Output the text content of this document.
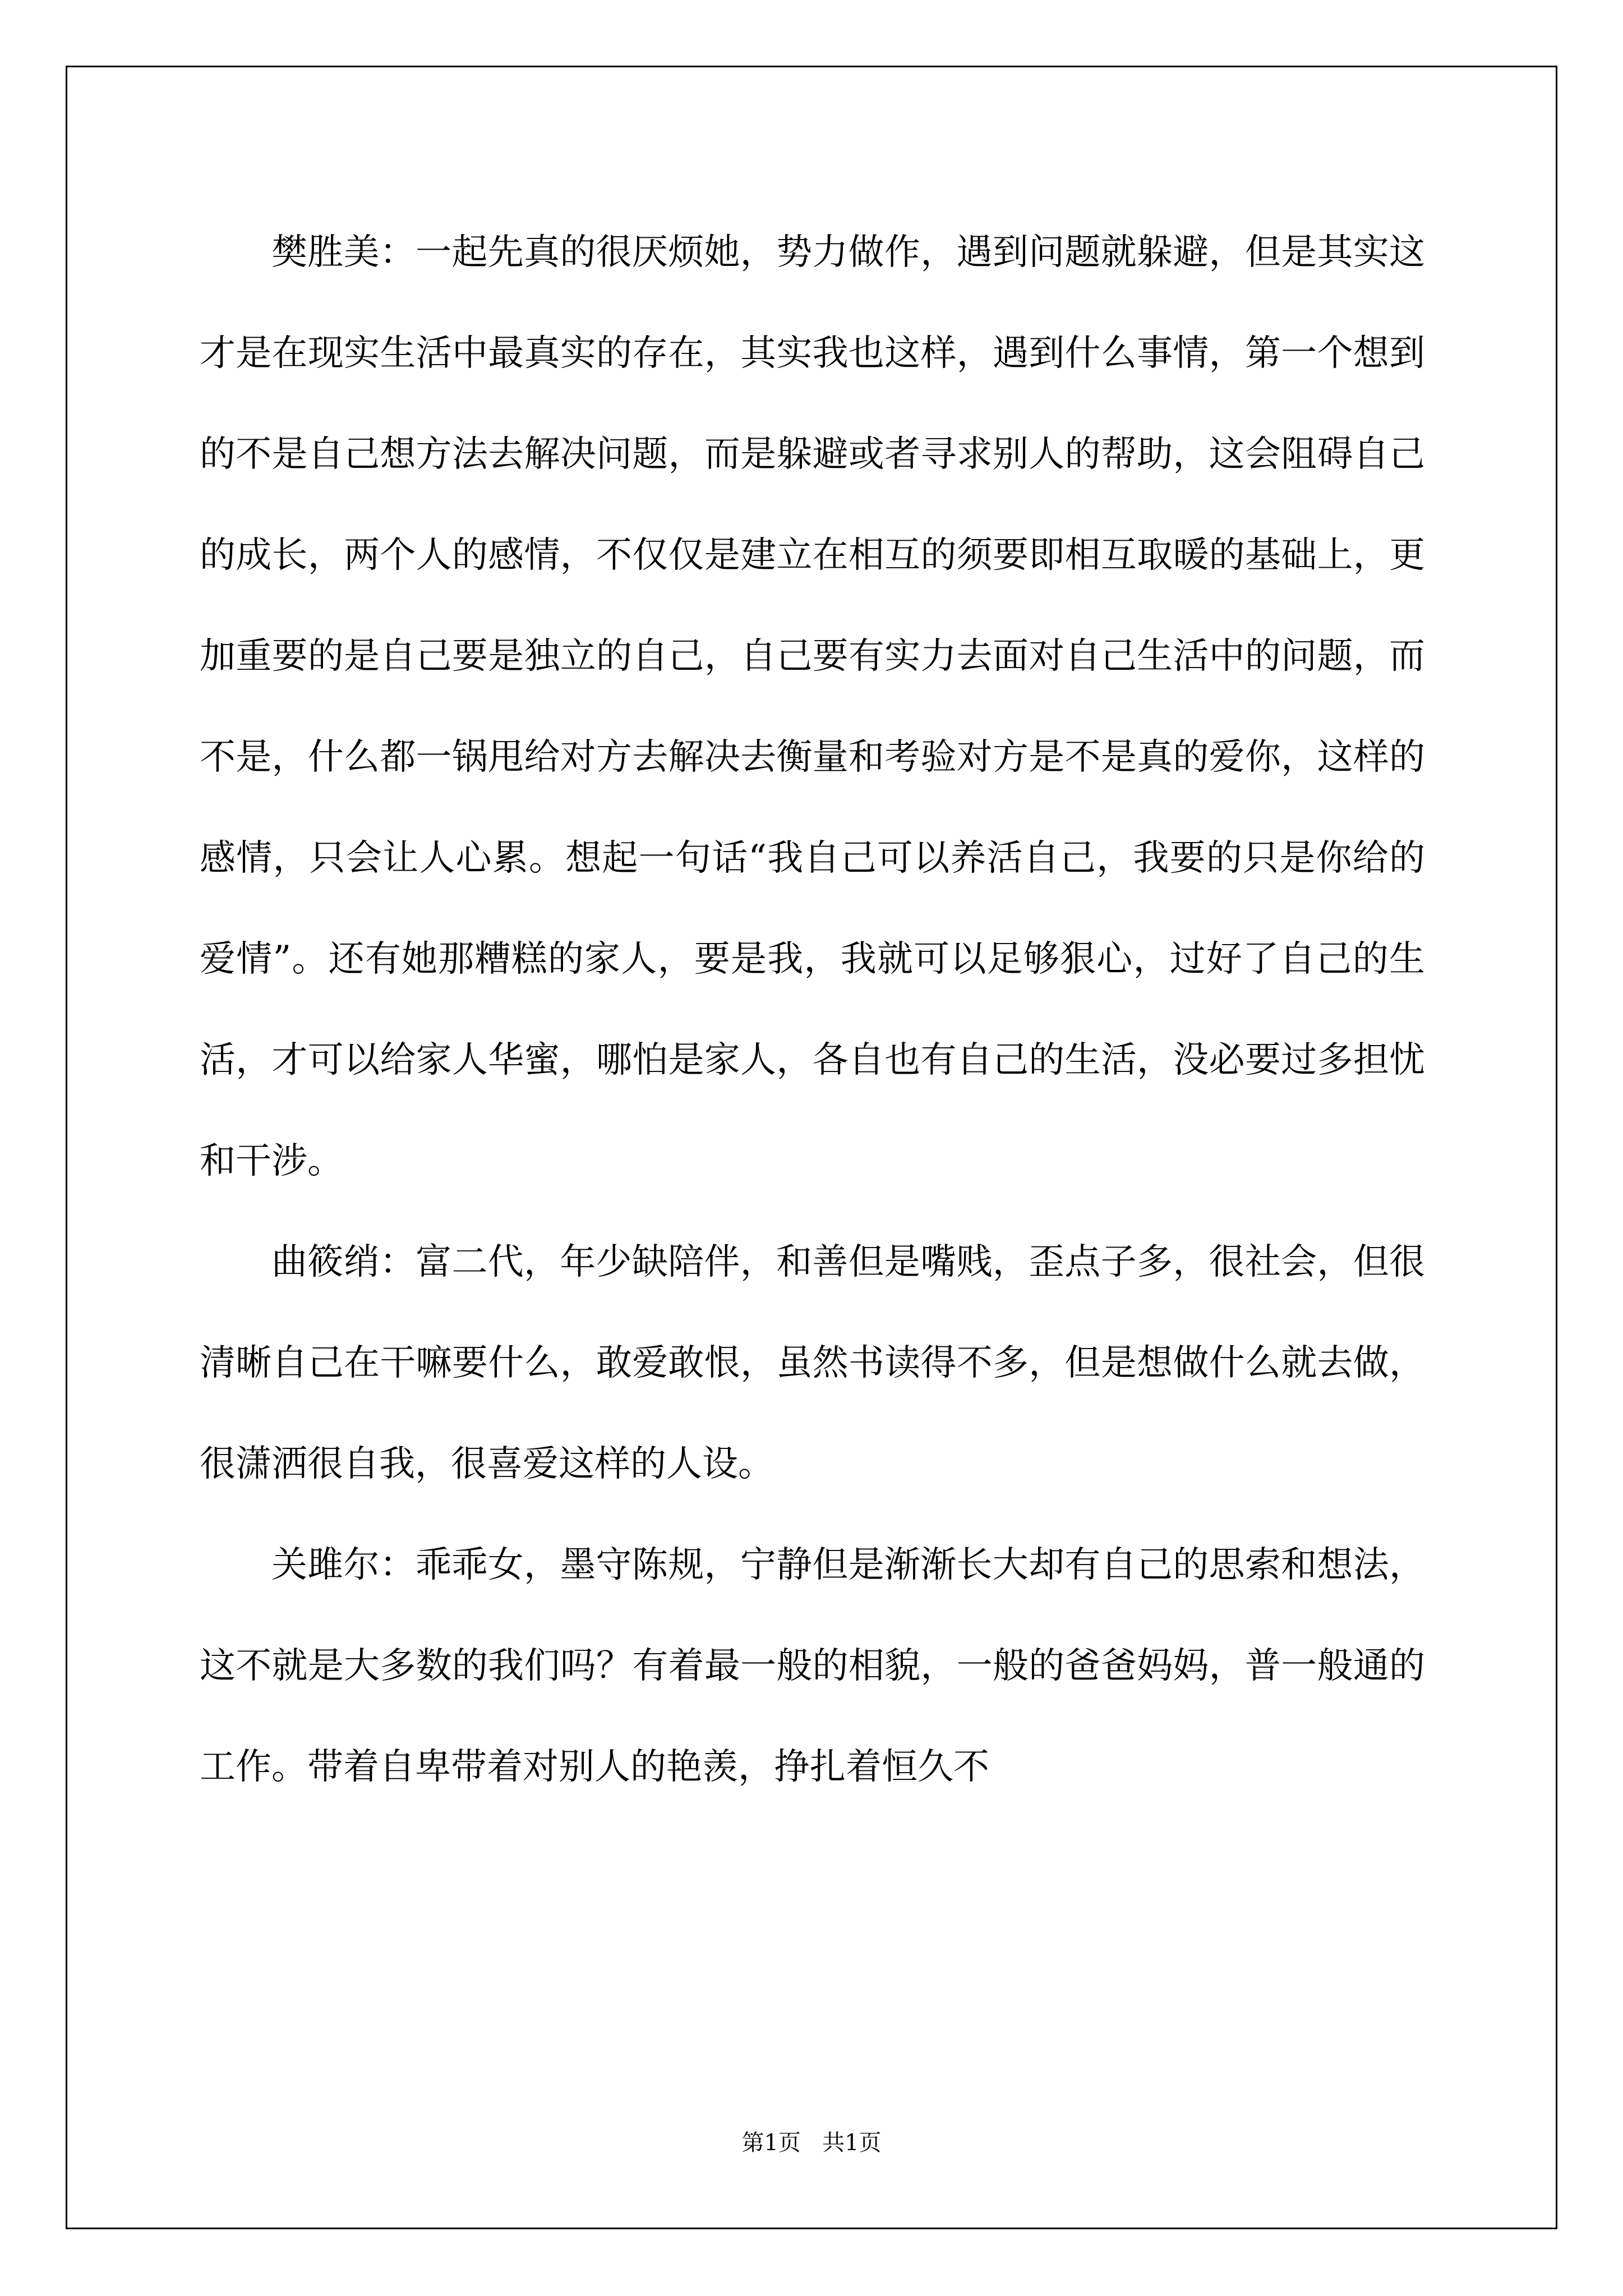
樊胜美：一起先真的很厌烦她，势力做作，遇到问题就躲避，但是其实这才是在现实生活中最真实的存在，其实我也这样，遇到什么事情，第一个想到的不是自己想方法去解决问题，而是躲避或者寻求别人的帮助，这会阻碍自己的成长，两个人的感情，不仅仅是建立在相互的须要即相互取暖的基础上，更加重要的是自己要是独立的自己，自己要有实力去面对自己生活中的问题，而不是，什么都一锅甩给对方去解决去衡量和考验对方是不是真的爱你，这样的感情，只会让人心累。想起一句话“我自己可以养活自己，我要的只是你给的爱情”。还有她那糟糕的家人，要是我，我就可以足够狠心，过好了自己的生活，才可以给家人华蜜，哪怕是家人，各自也有自己的生活，没必要过多担忧和干涉。

曲筱绡：富二代，年少缺陪伴，和善但是嘴贱，歪点子多，很社会，但很清晰自己在干嘛要什么，敢爱敢恨，虽然书读得不多，但是想做什么就去做，很潇洒很自我，很喜爱这样的人设。

关雎尔：乖乖女，墨守陈规，宁静但是渐渐长大却有自己的思索和想法，这不就是大多数的我们吗？有着最一般的相貌，一般的爸爸妈妈，普一般通的工作。带着自卑带着对别人的艳羡，挣扎着恒久不

第1页 共1页
